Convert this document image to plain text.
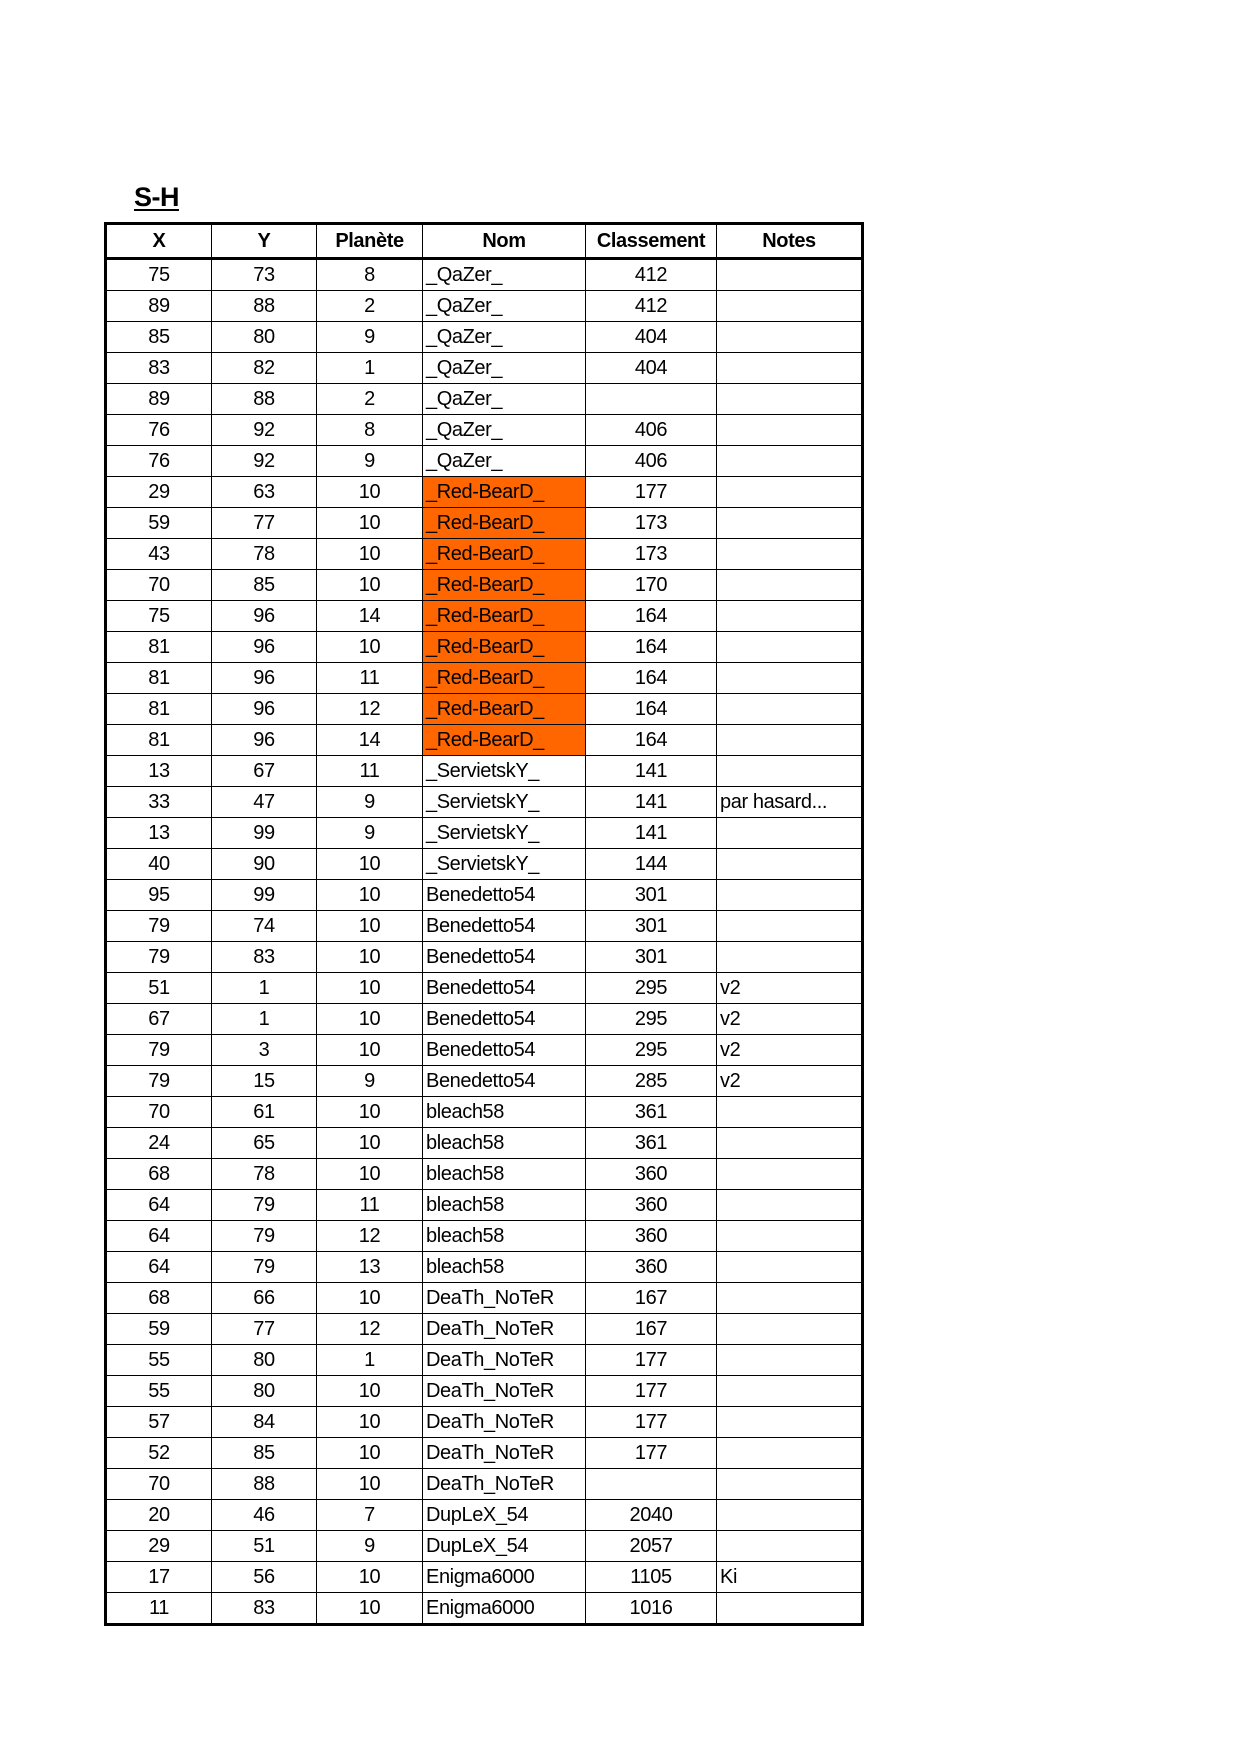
S-H
X	Y	Planète	Nom	Classement	Notes
75	73	8	_QaZer_	412	
89	88	2	_QaZer_	412	
85	80	9	_QaZer_	404	
83	82	1	_QaZer_	404	
89	88	2	_QaZer_		
76	92	8	_QaZer_	406	
76	92	9	_QaZer_	406	
29	63	10	_Red-BearD_	177	
59	77	10	_Red-BearD_	173	
43	78	10	_Red-BearD_	173	
70	85	10	_Red-BearD_	170	
75	96	14	_Red-BearD_	164	
81	96	10	_Red-BearD_	164	
81	96	11	_Red-BearD_	164	
81	96	12	_Red-BearD_	164	
81	96	14	_Red-BearD_	164	
13	67	11	_ServietskY_	141	
33	47	9	_ServietskY_	141	par hasard...
13	99	9	_ServietskY_	141	
40	90	10	_ServietskY_	144	
95	99	10	Benedetto54	301	
79	74	10	Benedetto54	301	
79	83	10	Benedetto54	301	
51	1	10	Benedetto54	295	v2
67	1	10	Benedetto54	295	v2
79	3	10	Benedetto54	295	v2
79	15	9	Benedetto54	285	v2
70	61	10	bleach58	361	
24	65	10	bleach58	361	
68	78	10	bleach58	360	
64	79	11	bleach58	360	
64	79	12	bleach58	360	
64	79	13	bleach58	360	
68	66	10	DeaTh_NoTeR	167	
59	77	12	DeaTh_NoTeR	167	
55	80	1	DeaTh_NoTeR	177	
55	80	10	DeaTh_NoTeR	177	
57	84	10	DeaTh_NoTeR	177	
52	85	10	DeaTh_NoTeR	177	
70	88	10	DeaTh_NoTeR		
20	46	7	DupLeX_54	2040	
29	51	9	DupLeX_54	2057	
17	56	10	Enigma6000	1105	Ki
11	83	10	Enigma6000	1016	
